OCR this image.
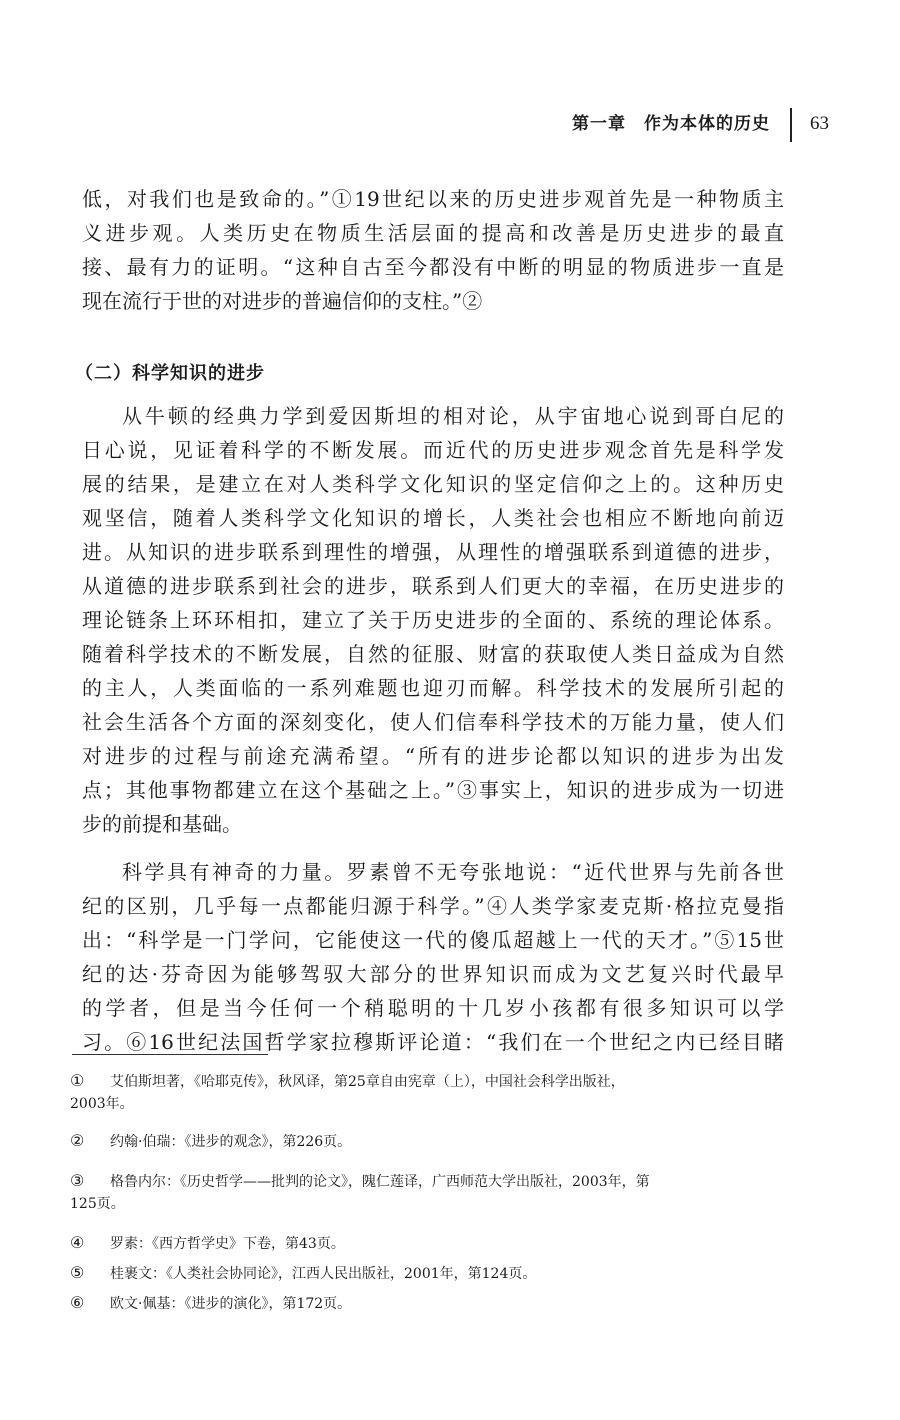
第一章　作为本体的历史 63
低，对我们也是致命的。”①19世纪以来的历史进步观首先是一种物质主
义进步观。人类历史在物质生活层面的提高和改善是历史进步的最直
接、最有力的证明。“这种自古至今都没有中断的明显的物质进步一直是
现在流行于世的对进步的普遍信仰的支柱。”②
（二）科学知识的进步
从牛顿的经典力学到爱因斯坦的相对论，从宇宙地心说到哥白尼的
日心说，见证着科学的不断发展。而近代的历史进步观念首先是科学发
展的结果，是建立在对人类科学文化知识的坚定信仰之上的。这种历史
观坚信，随着人类科学文化知识的增长，人类社会也相应不断地向前迈
进。从知识的进步联系到理性的增强，从理性的增强联系到道德的进步，
从道德的进步联系到社会的进步，联系到人们更大的幸福，在历史进步的
理论链条上环环相扣，建立了关于历史进步的全面的、系统的理论体系。
随着科学技术的不断发展，自然的征服、财富的获取使人类日益成为自然
的主人，人类面临的一系列难题也迎刃而解。科学技术的发展所引起的
社会生活各个方面的深刻变化，使人们信奉科学技术的万能力量，使人们
对进步的过程与前途充满希望。“所有的进步论都以知识的进步为出发
点；其他事物都建立在这个基础之上。”③事实上，知识的进步成为一切进
步的前提和基础。
科学具有神奇的力量。罗素曾不无夸张地说：“近代世界与先前各世
纪的区别，几乎每一点都能归源于科学。”④人类学家麦克斯·格拉克曼指
出：“科学是一门学问，它能使这一代的傻瓜超越上一代的天才。”⑤15世
纪的达·芬奇因为能够驾驭大部分的世界知识而成为文艺复兴时代最早
的学者，但是当今任何一个稍聪明的十几岁小孩都有很多知识可以学
习。⑥16世纪法国哲学家拉穆斯评论道：“我们在一个世纪之内已经目睹
① 艾伯斯坦著，《哈耶克传》，秋风译，第25章自由宪章（上），中国社会科学出版社，
2003年。
② 约翰·伯瑞：《进步的观念》，第226页。
③ 格鲁内尔：《历史哲学——批判的论文》，隗仁莲译，广西师范大学出版社，2003年，第
125页。
④ 罗素：《西方哲学史》下卷，第43页。
⑤ 桂裹文：《人类社会协同论》，江西人民出版社，2001年，第124页。
⑥ 欧文·佩基：《进步的演化》，第172页。
